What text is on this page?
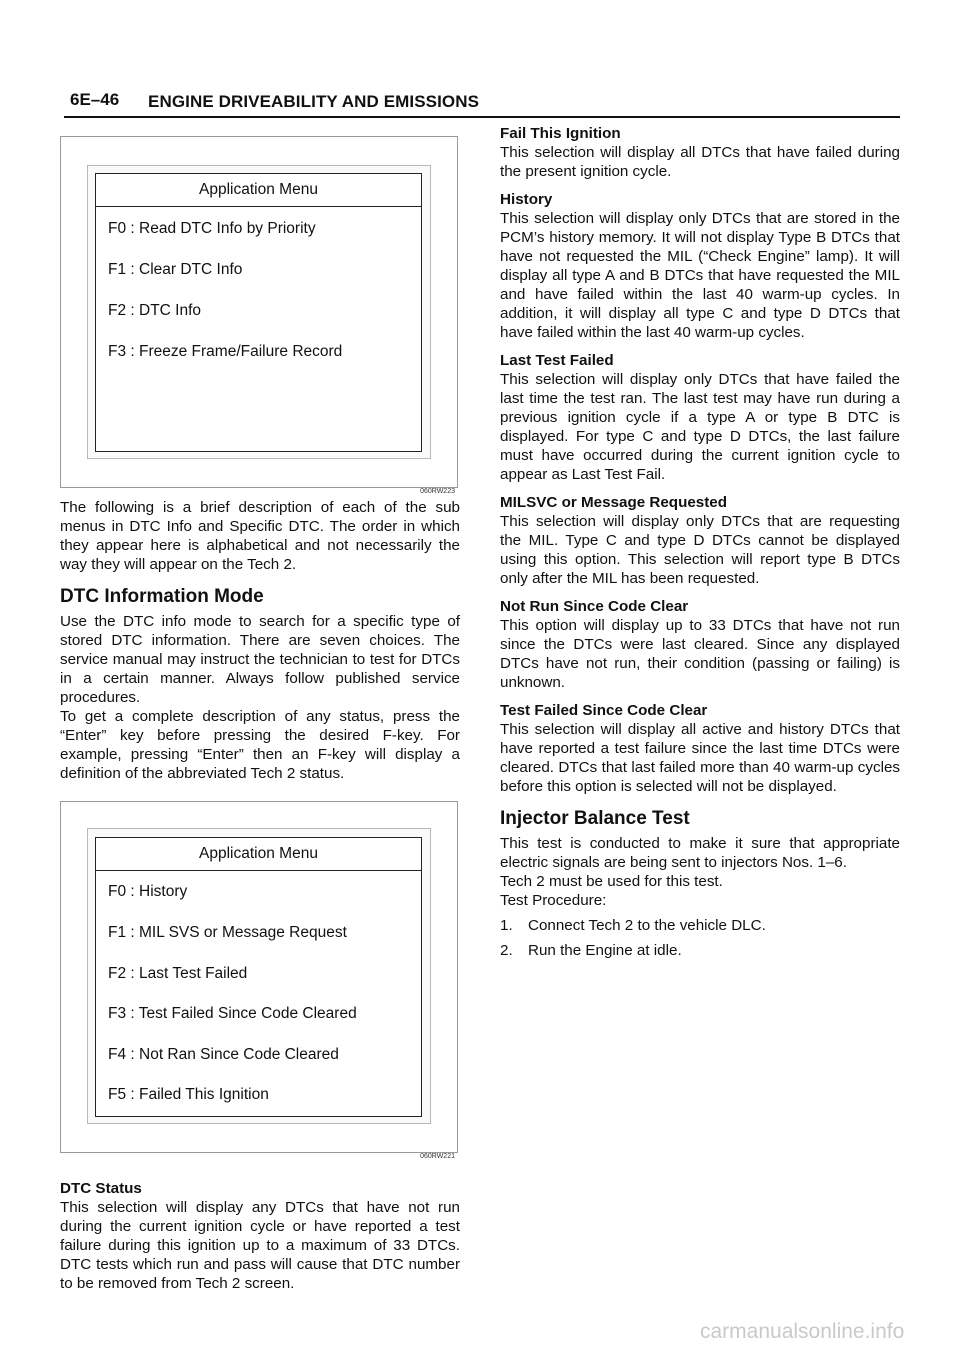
6E–46 ENGINE DRIVEABILITY AND EMISSIONS
Application Menu
F0 : Read DTC Info by Priority
F1 : Clear DTC Info
F2 : DTC Info
F3 : Freeze Frame/Failure Record
060RW223

The following is a brief description of each of the sub menus in DTC Info and Specific DTC. The order in which they appear here is alphabetical and not necessarily the way they will appear on the Tech 2.

DTC Information Mode

Use the DTC info mode to search for a specific type of stored DTC information. There are seven choices. The service manual may instruct the technician to test for DTCs in a certain manner. Always follow published service procedures.

To get a complete description of any status, press the “Enter” key before pressing the desired F-key. For example, pressing “Enter” then an F-key will display a definition of the abbreviated Tech 2 status.

Application Menu
F0 : History
F1 : MIL SVS or Message Request
F2 : Last Test Failed
F3 : Test Failed Since Code Cleared
F4 : Not Ran Since Code Cleared
F5 : Failed This Ignition
060RW221

DTC Status

This selection will display any DTCs that have not run during the current ignition cycle or have reported a test failure during this ignition up to a maximum of 33 DTCs. DTC tests which run and pass will cause that DTC number to be removed from Tech 2 screen.

Fail This Ignition

This selection will display all DTCs that have failed during the present ignition cycle.

History

This selection will display only DTCs that are stored in the PCM’s history memory. It will not display Type B DTCs that have not requested the MIL (“Check Engine” lamp). It will display all type A and B DTCs that have requested the MIL and have failed within the last 40 warm-up cycles. In addition, it will display all type C and type D DTCs that have failed within the last 40 warm-up cycles.

Last Test Failed

This selection will display only DTCs that have failed the last time the test ran. The last test may have run during a previous ignition cycle if a type A or type B DTC is displayed. For type C and type D DTCs, the last failure must have occurred during the current ignition cycle to appear as Last Test Fail.

MILSVC or Message Requested

This selection will display only DTCs that are requesting the MIL. Type C and type D DTCs cannot be displayed using this option. This selection will report type B DTCs only after the MIL has been requested.

Not Run Since Code Clear

This option will display up to 33 DTCs that have not run since the DTCs were last cleared. Since any displayed DTCs have not run, their condition (passing or failing) is unknown.

Test Failed Since Code Clear

This selection will display all active and history DTCs that have reported a test failure since the last time DTCs were cleared. DTCs that last failed more than 40 warm-up cycles before this option is selected will not be displayed.

Injector Balance Test

This test is conducted to make it sure that appropriate electric signals are being sent to injectors Nos. 1–6.

Tech 2 must be used for this test.

Test Procedure:

1.	Connect Tech 2 to the vehicle DLC.
2.	Run the Engine at idle.
carmanualsonline.info
